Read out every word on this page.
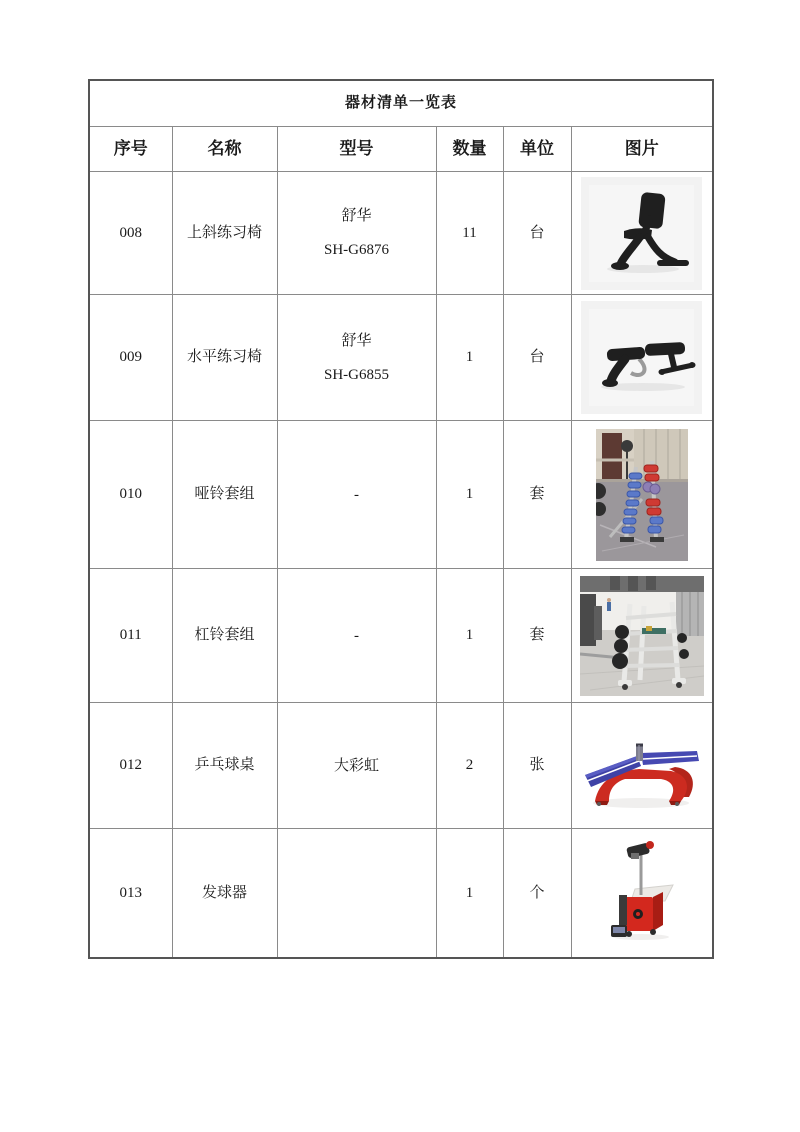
器材清单一览表					
序号	名称	型号	数量	单位	图片
008	上斜练习椅	舒华
SH-G6876	11	台	

009	水平练习椅	舒华
SH-G6855	1	台	

010	哑铃套组	-	1	套	

011	杠铃套组	-	1	套	

012	乒乓球桌	大彩虹	2	张	

013	发球器		1	个	
